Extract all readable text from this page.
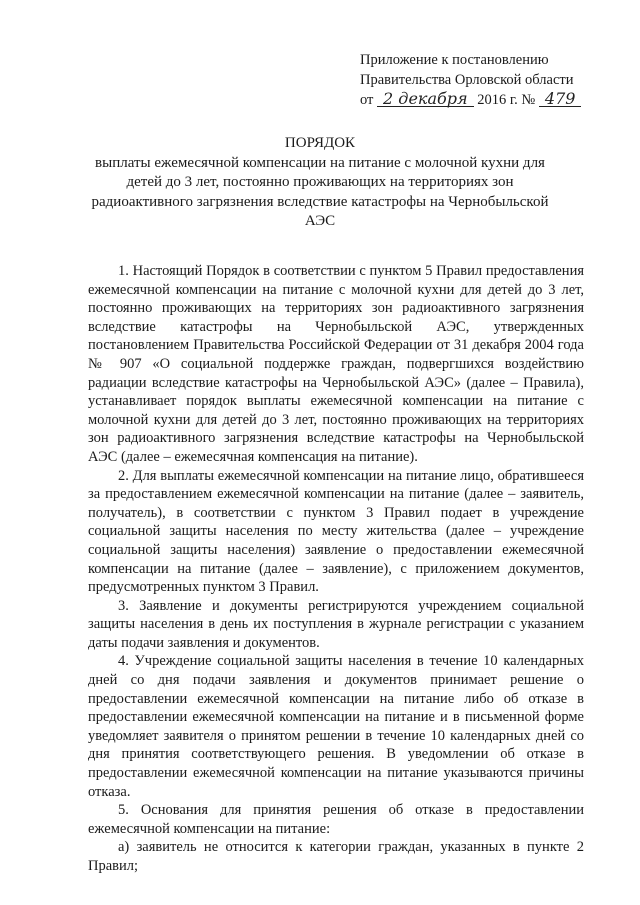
Приложение к постановлению
Правительства Орловской области
от 2 декабря 2016 г. № 479
ПОРЯДОК
выплаты ежемесячной компенсации на питание с молочной кухни для детей до 3 лет, постоянно проживающих на территориях зон радиоактивного загрязнения вследствие катастрофы на Чернобыльской АЭС

1. Настоящий Порядок в соответствии с пунктом 5 Правил предоставления ежемесячной компенсации на питание с молочной кухни для детей до 3 лет, постоянно проживающих на территориях зон радиоактивного загрязнения вследствие катастрофы на Чернобыльской АЭС, утвержденных постановлением Правительства Российской Федерации от 31 декабря 2004 года № 907 «О социальной поддержке граждан, подвергшихся воздействию радиации вследствие катастрофы на Чернобыльской АЭС» (далее – Правила), устанавливает порядок выплаты ежемесячной компенсации на питание с молочной кухни для детей до 3 лет, постоянно проживающих на территориях зон радиоактивного загрязнения вследствие катастрофы на Чернобыльской АЭС (далее – ежемесячная компенсация на питание).

2. Для выплаты ежемесячной компенсации на питание лицо, обратившееся за предоставлением ежемесячной компенсации на питание (далее – заявитель, получатель), в соответствии с пунктом 3 Правил подает в учреждение социальной защиты населения по месту жительства (далее – учреждение социальной защиты населения) заявление о предоставлении ежемесячной компенсации на питание (далее – заявление), с приложением документов, предусмотренных пунктом 3 Правил.

3. Заявление и документы регистрируются учреждением социальной защиты населения в день их поступления в журнале регистрации с указанием даты подачи заявления и документов.

4. Учреждение социальной защиты населения в течение 10 календарных дней со дня подачи заявления и документов принимает решение о предоставлении ежемесячной компенсации на питание либо об отказе в предоставлении ежемесячной компенсации на питание и в письменной форме уведомляет заявителя о принятом решении в течение 10 календарных дней со дня принятия соответствующего решения. В уведомлении об отказе в предоставлении ежемесячной компенсации на питание указываются причины отказа.

5. Основания для принятия решения об отказе в предоставлении ежемесячной компенсации на питание:

а) заявитель не относится к категории граждан, указанных в пункте 2 Правил;
